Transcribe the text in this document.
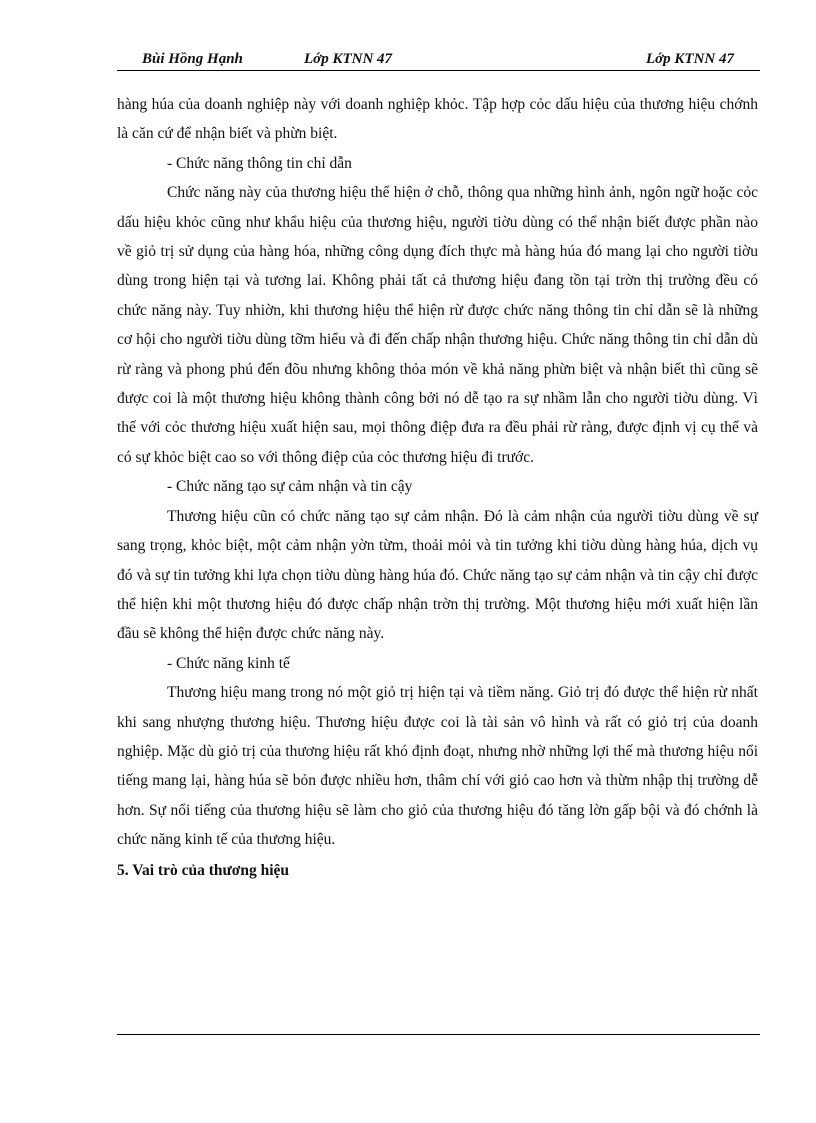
Bùi Hồng Hạnh	Lớp KTNN 47	Lớp KTNN 47

hàng húa của doanh nghiệp này với doanh nghiệp khỏc. Tập hợp cỏc dấu hiệu của thương hiệu chớnh là căn cứ để nhận biết và phừn biệt.

- Chức năng thông tin chỉ dẫn

Chức năng này của thương hiệu thể hiện ở chỗ, thông qua những hình ảnh, ngôn ngữ hoặc cỏc dấu hiệu khỏc cũng như khẩu hiệu của thương hiệu, người tiờu dùng có thể nhận biết được phần nào về giỏ trị sử dụng của hàng hóa, những công dụng đích thực mà hàng húa đó mang lại cho người tiờu dùng trong hiện tại và tương lai. Không phải tất cả thương hiệu đang tồn tại trờn thị trường đều có chức năng này. Tuy nhiờn, khi thương hiệu thể hiện rừ được chức năng thông tin chỉ dẫn sẽ là những cơ hội cho người tiờu dùng tỡm hiểu và đi đến chấp nhận thương hiệu. Chức năng thông tin chỉ dẫn dù rừ ràng và phong phú đến đõu nhưng không thỏa món về khả năng phừn biệt và nhận biết thì cũng sẽ được coi là một thương hiệu không thành công bởi nó dễ tạo ra sự nhầm lẫn cho người tiờu dùng. Vì thế với cỏc thương hiệu xuất hiện sau, mọi thông điệp đưa ra đều phải rừ ràng, được định vị cụ thể và có sự khỏc biệt cao so với thông điệp của cỏc thương hiệu đi trước.

- Chức năng tạo sự cảm nhận và tin cậy

Thương hiệu cũn có chức năng tạo sự cảm nhận. Đó là cảm nhận của người tiờu dùng về sự sang trọng, khỏc biệt, một cảm nhận yờn từm, thoải mỏi và tin tưởng khi tiờu dùng hàng húa, dịch vụ đó và sự tin tưởng khi lựa chọn tiờu dùng hàng húa đó. Chức năng tạo sự cảm nhận và tin cậy chỉ được thể hiện khi một thương hiệu đó được chấp nhận trờn thị trường. Một thương hiệu mới xuất hiện lần đầu sẽ không thể hiện được chức năng này.

- Chức năng kinh tế

Thương hiệu mang trong nó một giỏ trị hiện tại và tiềm năng. Giỏ trị đó được thể hiện rừ nhất khi sang nhượng thương hiệu. Thương hiệu được coi là tài sản vô hình và rất có giỏ trị của doanh nghiệp. Mặc dù giỏ trị của thương hiệu rất khó định đoạt, nhưng nhờ những lợi thế mà thương hiệu nổi tiếng mang lại, hàng húa sẽ bỏn được nhiều hơn, thâm chí với giỏ cao hơn và thừm nhập thị trường dễ hơn. Sự nổi tiếng của thương hiệu sẽ làm cho giỏ của thương hiệu đó tăng lờn gấp bội và đó chớnh là chức năng kinh tế của thương hiệu.

5. Vai trò của thương hiệu
